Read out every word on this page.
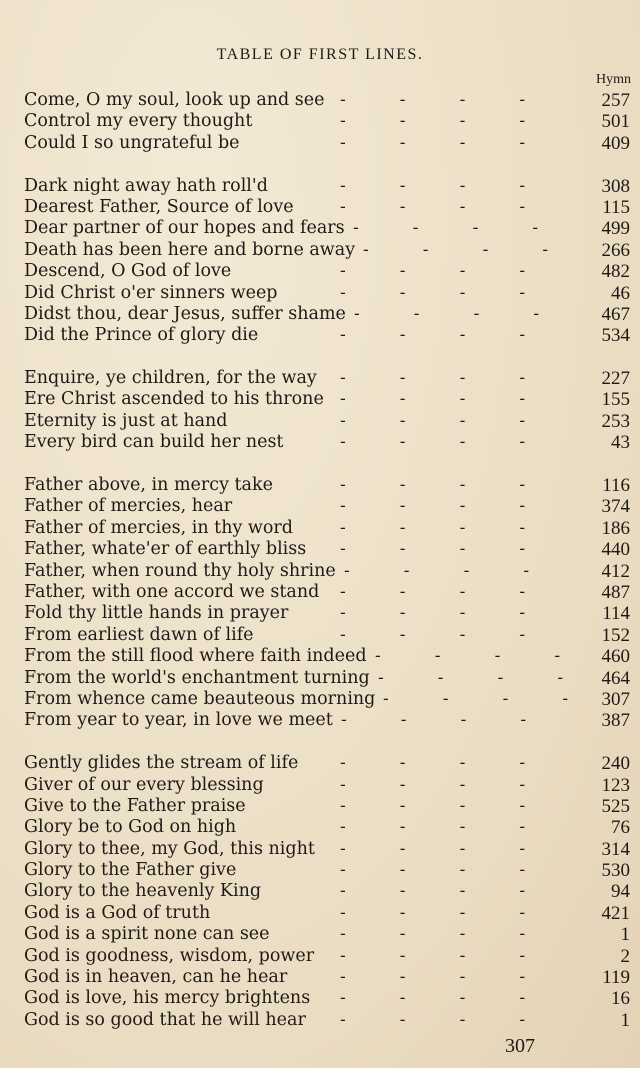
TABLE OF FIRST LINES.
Hymn
Come, O my soul, look up and see -          -          -          -	257
Control my every thought	-          -          -          -	501
Could I so ungrateful be	-          -          -          -	409
Dark night away hath roll'd	-          -          -          -	308
Dearest Father, Source of love	-          -          -          -	115
Dear partner of our hopes and fears -          -          -          -	499
Death has been here and borne away -          -          -          -	266
Descend, O God of love	-          -          -          -	482
Did Christ o'er sinners weep	-          -          -          -	46
Didst thou, dear Jesus, suffer shame -          -          -          -	467
Did the Prince of glory die	-          -          -          -	534
Enquire, ye children, for the way -          -          -          -	227
Ere Christ ascended to his throne -          -          -          -	155
Eternity is just at hand	-          -          -          -	253
Every bird can build her nest	-          -          -          -	43
Father above, in mercy take	-          -          -          -	116
Father of mercies, hear	-          -          -          -	374
Father of mercies, in thy word	-          -          -          -	186
Father, whate'er of earthly bliss -          -          -          -	440
Father, when round thy holy shrine -          -          -          -	412
Father, with one accord we stand -          -          -          -	487
Fold thy little hands in prayer	-          -          -          -	114
From earliest dawn of life	-          -          -          -	152
From the still flood where faith indeed -          -          -          -	460
From the world's enchantment turning -          -          -          -	464
From whence came beauteous morning -          -          -          -	307
From year to year, in love we meet -          -          -          -	387
Gently glides the stream of life -          -          -          -	240
Giver of our every blessing	-          -          -          -	123
Give to the Father praise	-          -          -          -	525
Glory be to God on high	-          -          -          -	76
Glory to thee, my God, this night -          -          -          -	314
Glory to the Father give	-          -          -          -	530
Glory to the heavenly King	-          -          -          -	94
God is a God of truth	-          -          -          -	421
God is a spirit none can see	-          -          -          -	1
God is goodness, wisdom, power -          -          -          -	2
God is in heaven, can he hear	-          -          -          -	119
God is love, his mercy brightens -          -          -          -	16
God is so good that he will hear -          -          -          -	1
307
